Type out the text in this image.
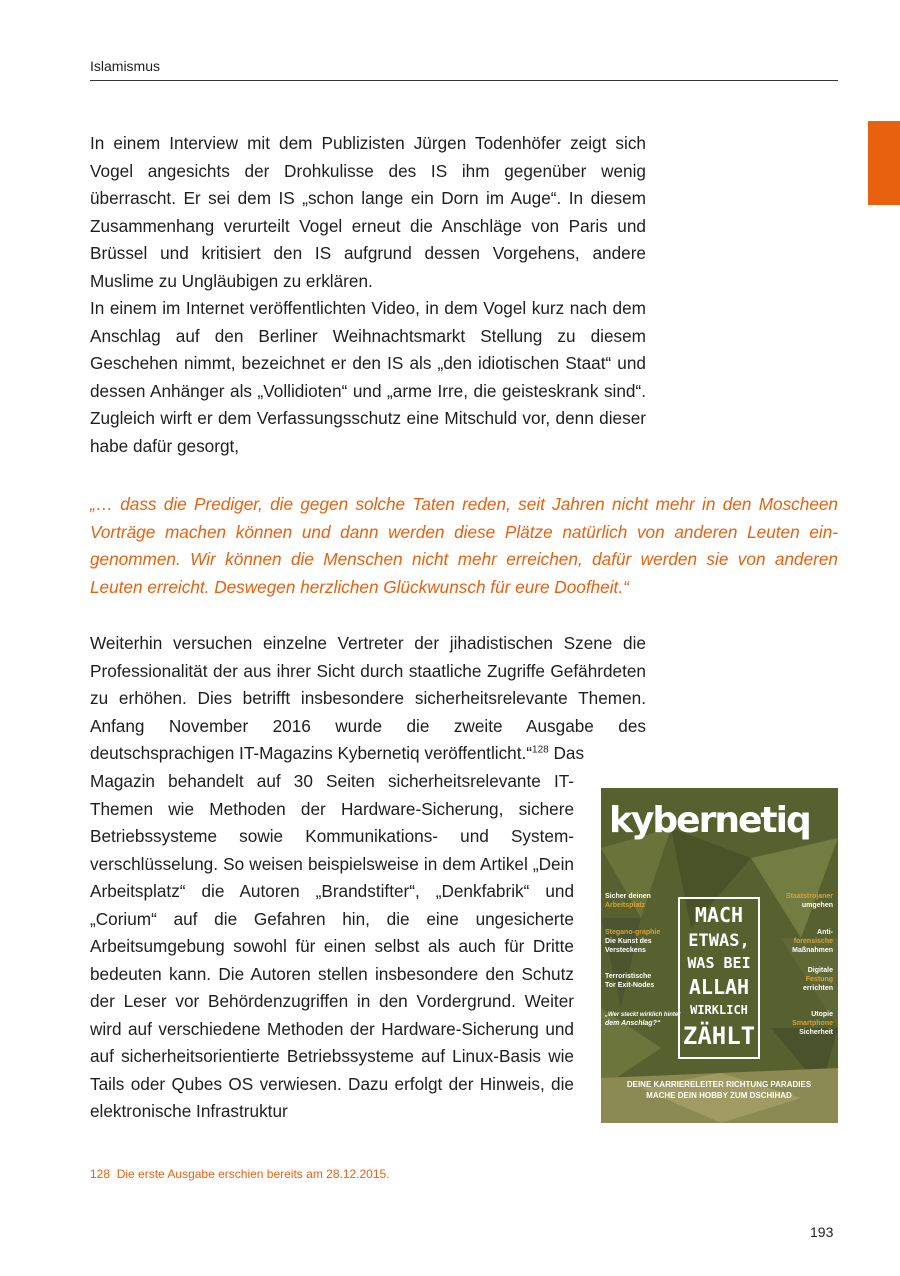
Islamismus

In einem Interview mit dem Publizisten Jürgen Todenhöfer zeigt sich Vogel angesichts der Drohkulisse des IS ihm gegenüber wenig überrascht. Er sei dem IS „schon lange ein Dorn im Auge“. In diesem Zusammenhang verurteilt Vogel erneut die Anschläge von Paris und Brüssel und kritisiert den IS aufgrund dessen Vorgehens, andere Muslime zu Ungläubigen zu erklären.

In einem im Internet veröffentlichten Video, in dem Vogel kurz nach dem Anschlag auf den Berliner Weihnachtsmarkt Stellung zu diesem Geschehen nimmt, bezeichnet er den IS als „den idiotischen Staat“ und dessen Anhänger als „Vollidioten“ und „arme Irre, die geisteskrank sind“. Zugleich wirft er dem Verfassungsschutz eine Mitschuld vor, denn dieser habe dafür gesorgt,

„… dass die Prediger, die gegen solche Taten reden, seit Jahren nicht mehr in den Moscheen Vorträge machen können und dann werden diese Plätze natürlich von anderen Leuten eingenommen. Wir können die Menschen nicht mehr erreichen, dafür werden sie von anderen Leuten erreicht. Deswegen herzlichen Glückwunsch für eure Doofheit.“

Weiterhin versuchen einzelne Vertreter der jihadistischen Szene die Professionalität der aus ihrer Sicht durch staatliche Zugriffe Gefährdeten zu erhöhen. Dies betrifft insbesondere sicherheitsrelevante Themen. Anfang November 2016 wurde die zweite Ausgabe des deutschsprachigen IT-Magazins Kybernetiq veröffentlicht.“$^{128}$ Das

Magazin behandelt auf 30 Seiten sicherheitsrelevante IT-Themen wie Methoden der Hardware-Sicherung, sichere Betriebssysteme sowie Kommunikations- und Systemverschlüsselung. So weisen beispielsweise in dem Artikel „Dein Arbeitsplatz“ die Autoren „Brandstifter“, „Denkfabrik“ und „Corium“ auf die Gefahren hin, die eine ungesicherte Arbeitsumgebung sowohl für einen selbst als auch für Dritte bedeuten kann. Die Autoren stellen insbesondere den Schutz der Leser vor Behördenzugriffen in den Vordergrund. Weiter wird auf verschiedene Methoden der Hardware-Sicherung und auf sicherheitsorientierte Betriebssysteme auf Linux-Basis wie Tails oder Qubes OS verwiesen. Dazu erfolgt der Hinweis, die elektronische Infrastruktur

kybernetiq
MACH
ETWAS,
WAS BEI
ALLAH
WIRKLICH
ZÄHLT
Sicher deinen
Arbeitsplatz
Stegano-graphie
Die Kunst des
Versteckens
Terroristische
Tor Exit-Nodes
„Wer steckt wirklich hinter
dem Anschlag?“
Staatstrojaner
umgehen
Anti-
forensische
Maßnahmen
Digitale
Festung
errichten
Utopie
Smartphone
Sicherheit
DEINE KARRIERELEITER RICHTUNG PARADIES
MACHE DEIN HOBBY ZUM DSCHIHAD
128 Die erste Ausgabe erschien bereits am 28.12.2015.
193
